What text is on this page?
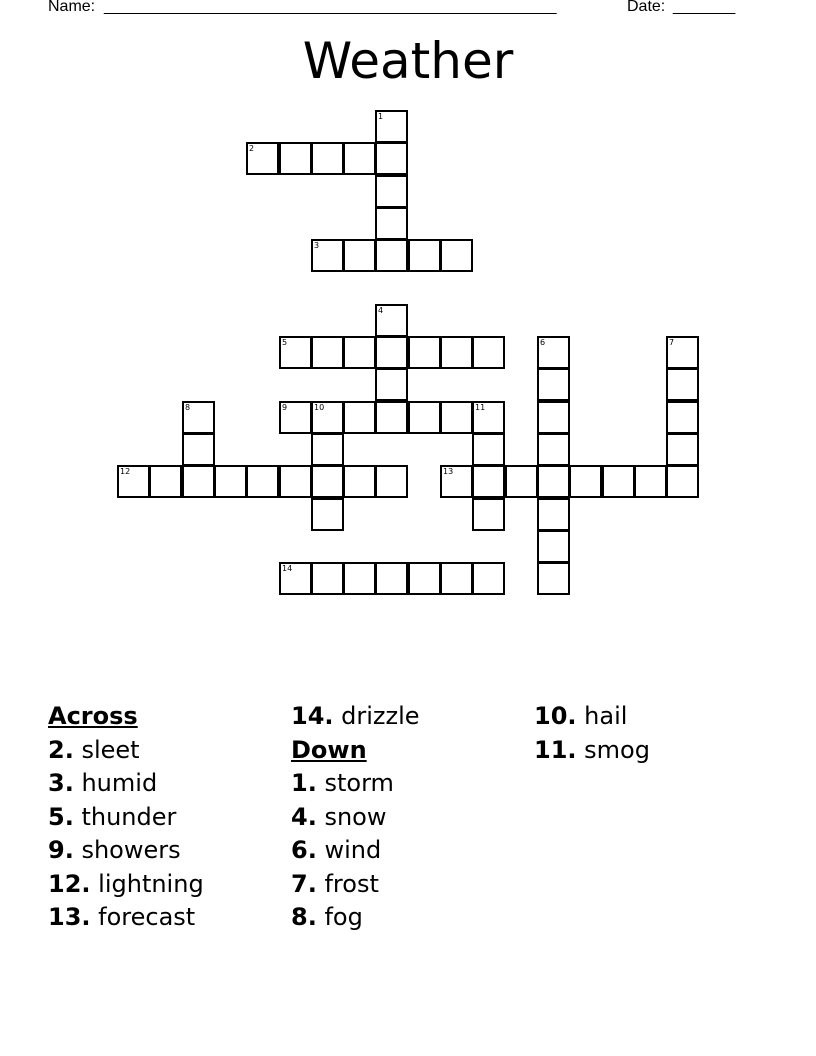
Name: ____________________________________________________	Date: _______
Weather
1
2
3
4
5	6	7
8	9	10	11
12	13
14
Across
2. sleet
3. humid
5. thunder
9. showers
12. lightning
13. forecast
14. drizzle
Down
1. storm
4. snow
6. wind
7. frost
8. fog
10. hail
11. smog
